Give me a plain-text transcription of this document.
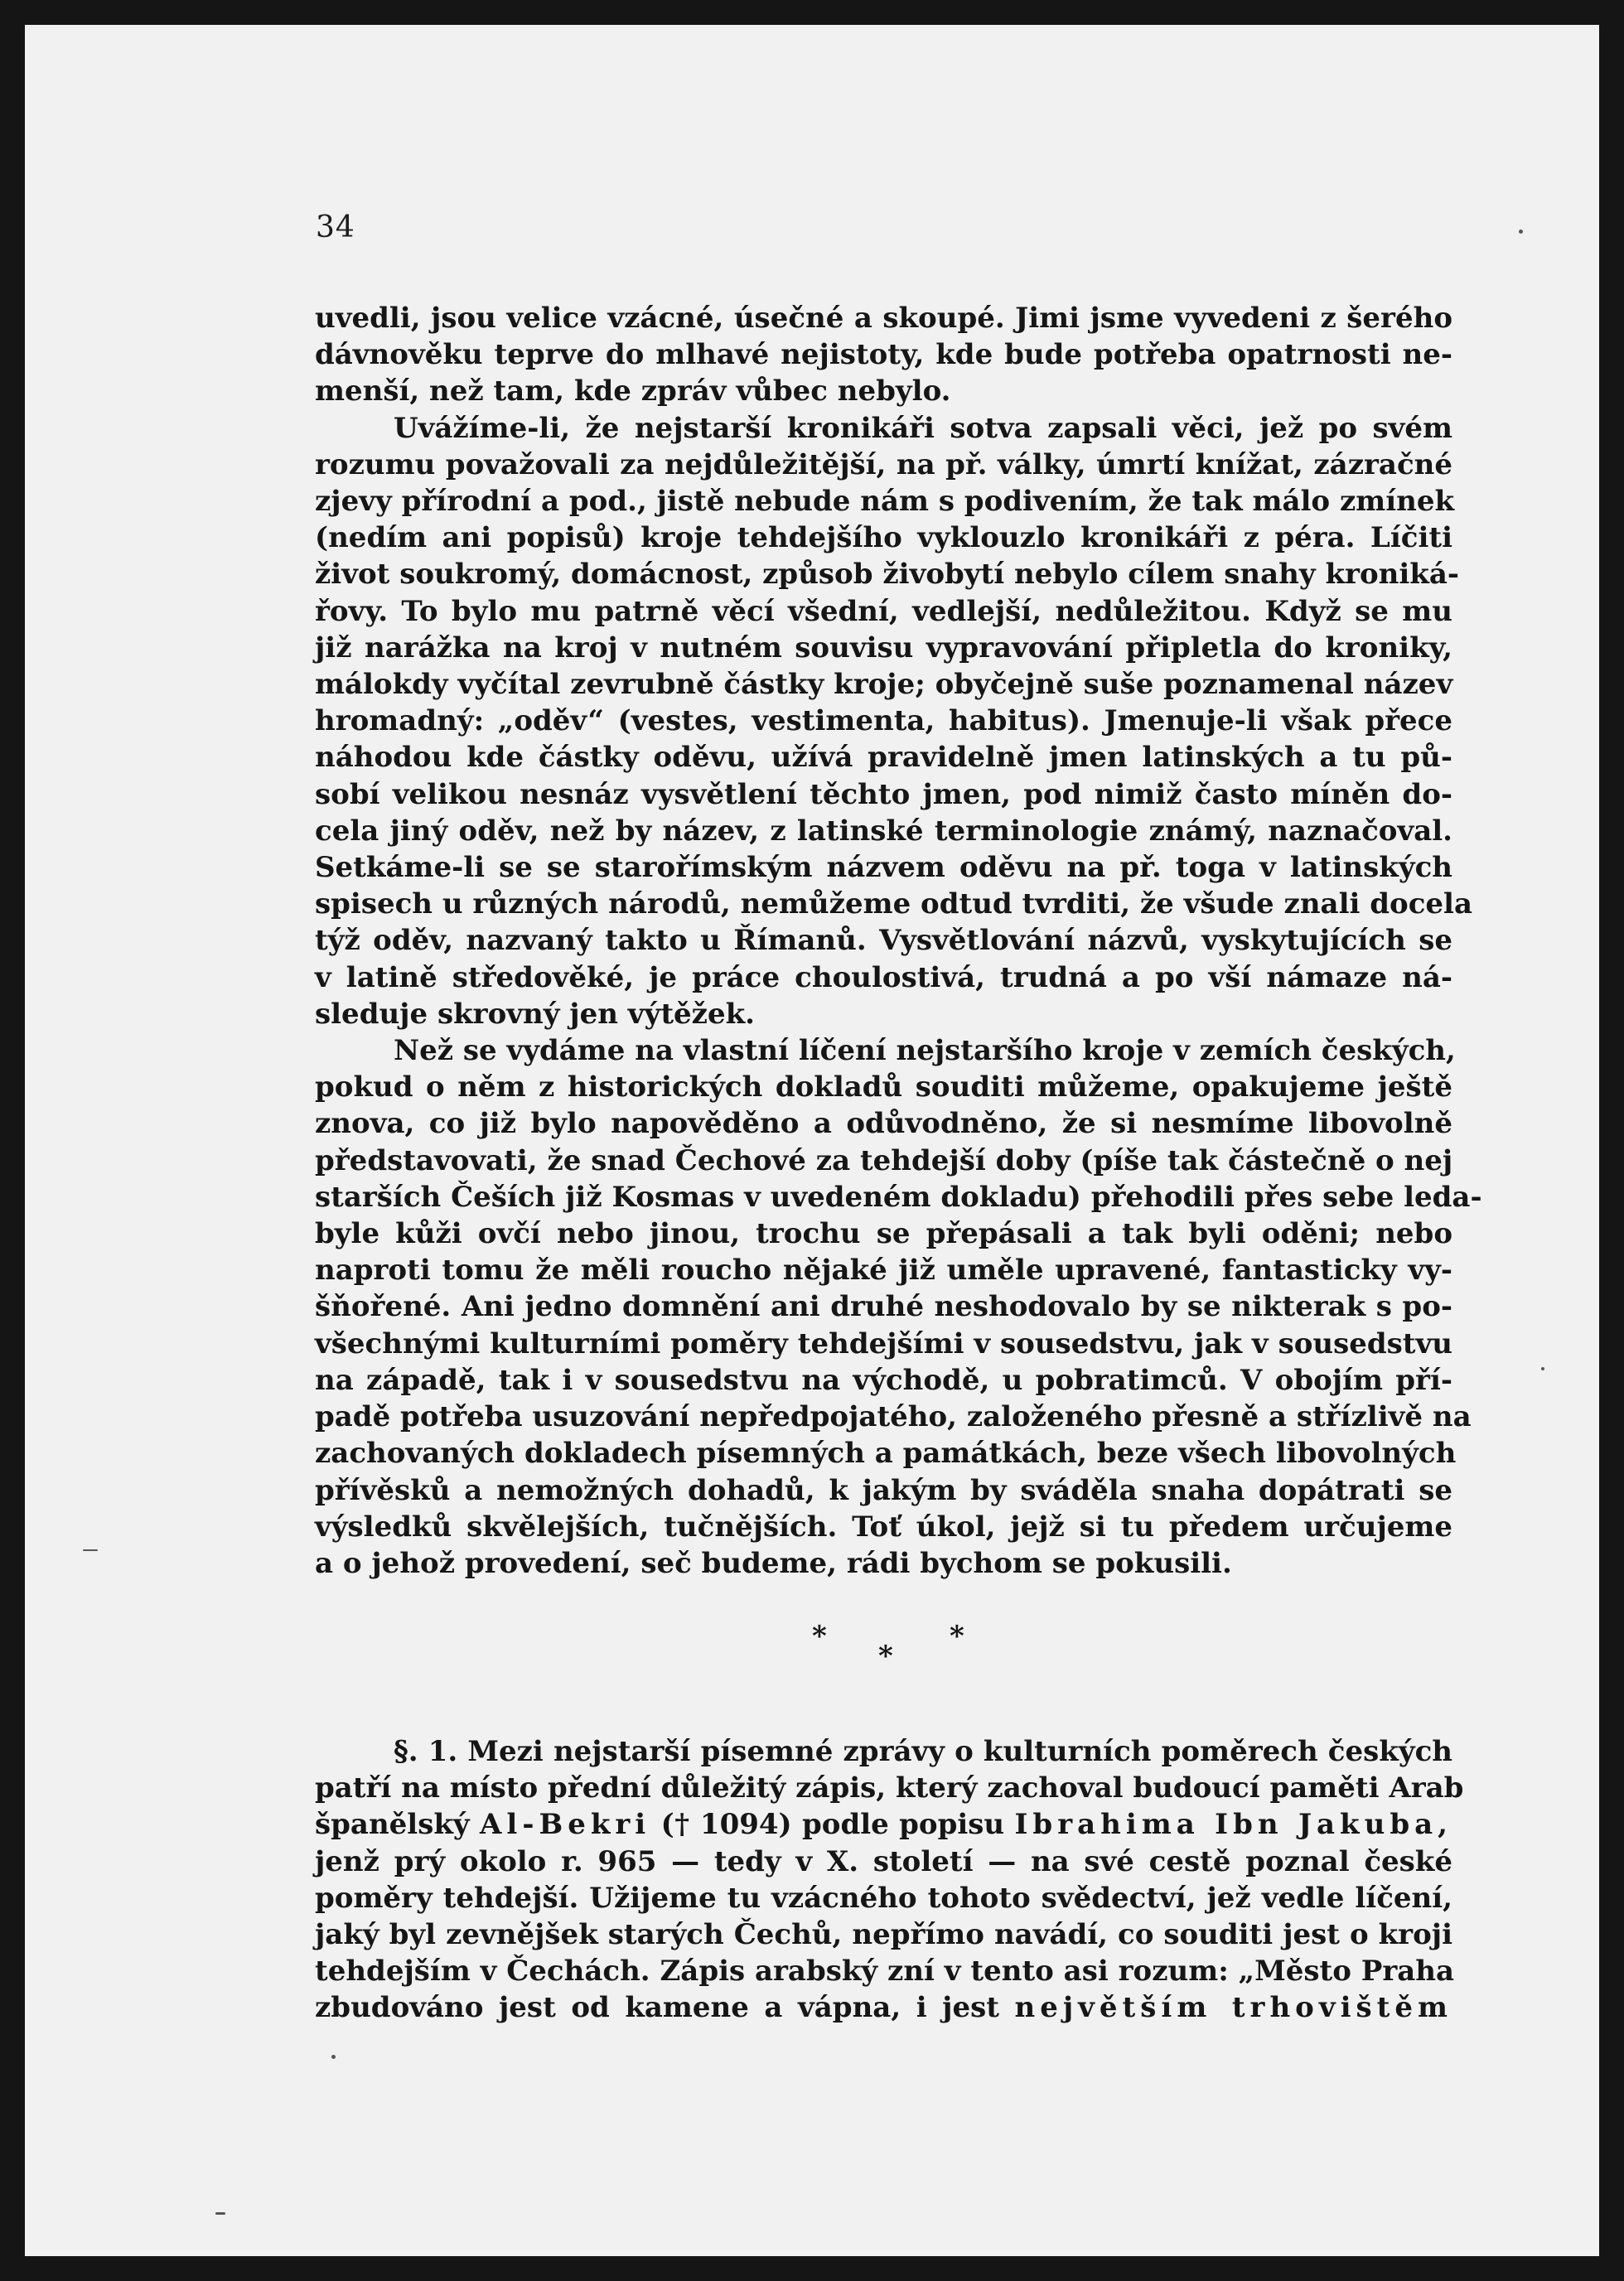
34
uvedli, jsou velice vzácné, úsečné a skoupé. Jimi jsme vyvedeni z šerého
dávnověku teprve do mlhavé nejistoty, kde bude potřeba opatrnosti ne-
menší, než tam, kde zpráv vůbec nebylo.
Uvážíme-li, že nejstarší kronikáři sotva zapsali věci, jež po svém
rozumu považovali za nejdůležitější, na př. války, úmrtí knížat, zázračné
zjevy přírodní a pod., jistě nebude nám s podivením, že tak málo zmínek
(nedím ani popisů) kroje tehdejšího vyklouzlo kronikáři z péra. Líčiti
život soukromý, domácnost, způsob živobytí nebylo cílem snahy kroniká-
řovy. To bylo mu patrně věcí všední, vedlejší, nedůležitou. Když se mu
již narážka na kroj v nutném souvisu vypravování připletla do kroniky,
málokdy vyčítal zevrubně částky kroje; obyčejně suše poznamenal název
hromadný: „oděv“ (vestes, vestimenta, habitus). Jmenuje-li však přece
náhodou kde částky oděvu, užívá pravidelně jmen latinských a tu pů-
sobí velikou nesnáz vysvětlení těchto jmen, pod nimiž často míněn do-
cela jiný oděv, než by název, z latinské terminologie známý, naznačoval.
Setkáme-li se se starořímským názvem oděvu na př. toga v latinských
spisech u různých národů, nemůžeme odtud tvrditi, že všude znali docela
týž oděv, nazvaný takto u Římanů. Vysvětlování názvů, vyskytujících se
v latině středověké, je práce choulostivá, trudná a po vší námaze ná-
sleduje skrovný jen výtěžek.
Než se vydáme na vlastní líčení nejstaršího kroje v zemích českých,
pokud o něm z historických dokladů souditi můžeme, opakujeme ještě
znova, co již bylo napověděno a odůvodněno, že si nesmíme libovolně
představovati, že snad Čechové za tehdejší doby (píše tak částečně o nej
starších Češích již Kosmas v uvedeném dokladu) přehodili přes sebe leda-
byle kůži ovčí nebo jinou, trochu se přepásali a tak byli oděni; nebo
naproti tomu že měli roucho nějaké již uměle upravené, fantasticky vy-
šňořené. Ani jedno domnění ani druhé neshodovalo by se nikterak s po-
všechnými kulturními poměry tehdejšími v sousedstvu, jak v sousedstvu
na západě, tak i v sousedstvu na východě, u pobratimců. V obojím pří-
padě potřeba usuzování nepředpojatého, založeného přesně a střízlivě na
zachovaných dokladech písemných a památkách, beze všech libovolných
přívěsků a nemožných dohadů, k jakým by sváděla snaha dopátrati se
výsledků skvělejších, tučnějších. Toť úkol, jejž si tu předem určujeme
a o jehož provedení, seč budeme, rádi bychom se pokusili.
*
*
*
§. 1. Mezi nejstarší písemné zprávy o kulturních poměrech českých
patří na místo přední důležitý zápis, který zachoval budoucí paměti Arab
španělský Al-Bekri († 1094) podle popisu Ibrahima Ibn Jakuba,
jenž prý okolo r. 965 — tedy v X. století — na své cestě poznal české
poměry tehdejší. Užijeme tu vzácného tohoto svědectví, jež vedle líčení,
jaký byl zevnějšek starých Čechů, nepřímo navádí, co souditi jest o kroji
tehdejším v Čechách. Zápis arabský zní v tento asi rozum: „Město Praha
zbudováno jest od kamene a vápna, i jest největším trhovištěm
